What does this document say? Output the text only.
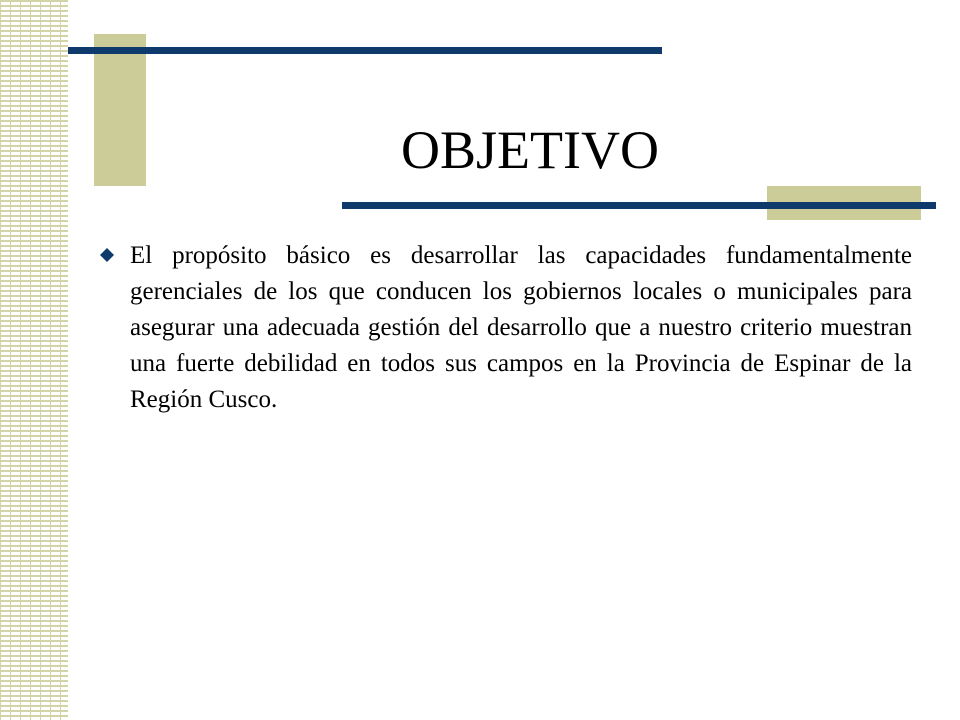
OBJETIVO

El propósito básico es desarrollar las capacidades fundamentalmente gerenciales de los que conducen los gobiernos locales o municipales para asegurar una adecuada gestión del desarrollo que a nuestro criterio muestran una fuerte debilidad en todos sus campos en la Provincia de Espinar de la Región Cusco.
